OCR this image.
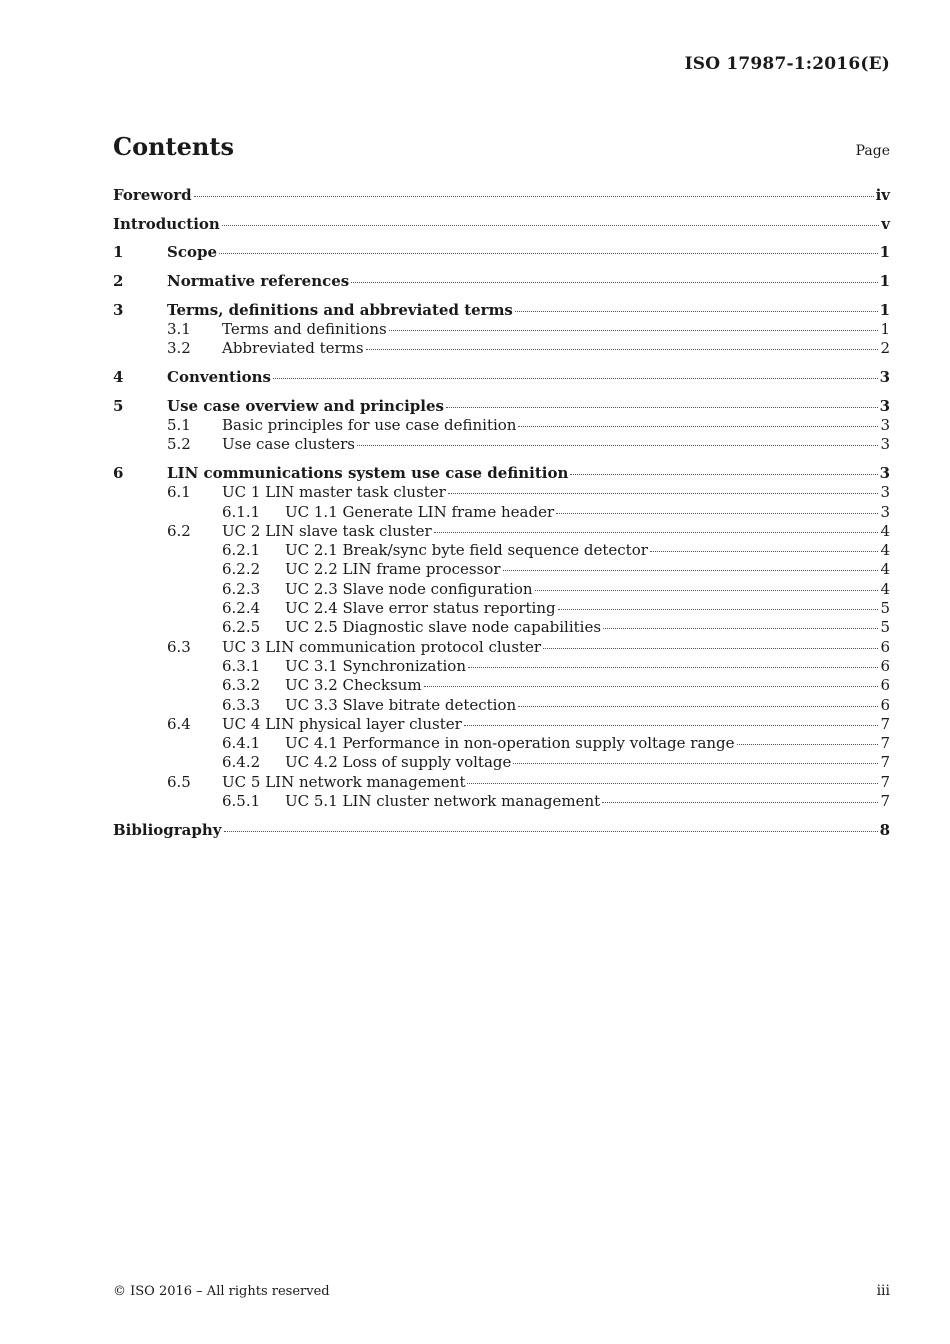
ISO 17987-1:2016(E)
Contents	Page
Foreword	iv
Introduction	v
1	Scope	1
2	Normative references	1
3	Terms, definitions and abbreviated terms	1
3.1	Terms and definitions	1
3.2	Abbreviated terms	2
4	Conventions	3
5	Use case overview and principles	3
5.1	Basic principles for use case definition	3
5.2	Use case clusters	3
6	LIN communications system use case definition	3
6.1	UC 1 LIN master task cluster	3
6.1.1	UC 1.1 Generate LIN frame header	3
6.2	UC 2 LIN slave task cluster	4
6.2.1	UC 2.1 Break/sync byte field sequence detector	4
6.2.2	UC 2.2 LIN frame processor	4
6.2.3	UC 2.3 Slave node configuration	4
6.2.4	UC 2.4 Slave error status reporting	5
6.2.5	UC 2.5 Diagnostic slave node capabilities	5
6.3	UC 3 LIN communication protocol cluster	6
6.3.1	UC 3.1 Synchronization	6
6.3.2	UC 3.2 Checksum	6
6.3.3	UC 3.3 Slave bitrate detection	6
6.4	UC 4 LIN physical layer cluster	7
6.4.1	UC 4.1 Performance in non-operation supply voltage range	7
6.4.2	UC 4.2 Loss of supply voltage	7
6.5	UC 5 LIN network management	7
6.5.1	UC 5.1 LIN cluster network management	7
Bibliography	8
© ISO 2016 – All rights reserved	iii
